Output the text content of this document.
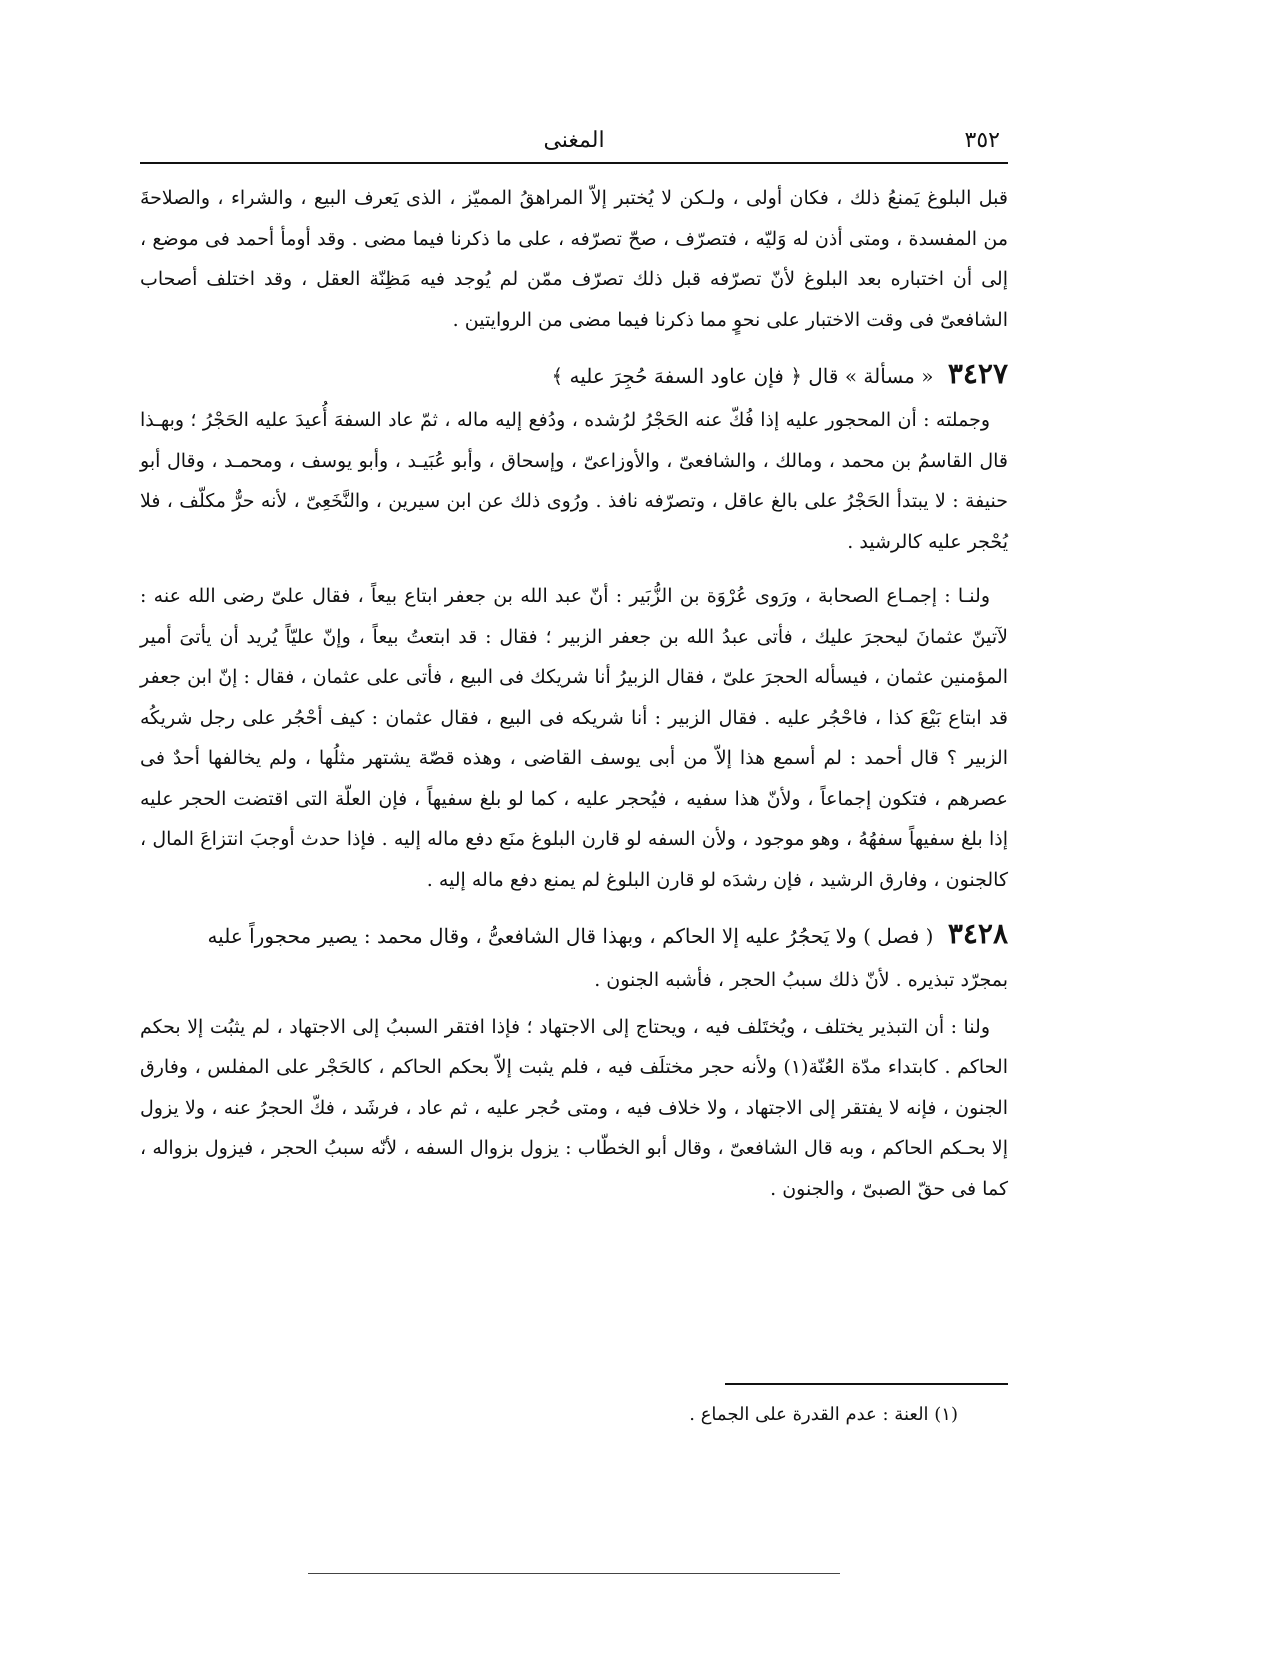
٣٥٢
المغنى

قبل البلوغ يَمنعُ ذلك ، فكان أولى ، ولـكن لا يُختبر إلاّ المراهقُ المميّز ، الذى يَعرف البيع ، والشراء ، والصلاحةَ من المفسدة ، ومتى أذن له وَليّه ، فتصرّف ، صحّ تصرّفه ، على ما ذكرنا فيما مضى . وقد أومأ أحمد فى موضع ، إلى أن اختباره بعد البلوغ لأنّ تصرّفه قبل ذلك تصرّف ممّن لم يُوجد فيه مَظِنّة العقل ، وقد اختلف أصحاب الشافعىّ فى وقت الاختبار على نحوٍ مما ذكرنا فيما مضى من الروايتين .

٣٤٢٧ « مسألة » قال ﴿ فإن عاود السفهَ حُجِرَ عليه ﴾

وجملته : أن المحجور عليه إذا فُكّ عنه الحَجْرُ لرُشده ، ودُفع إليه ماله ، ثمّ عاد السفهَ أُعيدَ عليه الحَجْرُ ؛ وبهـذا قال القاسمُ بن محمد ، ومالك ، والشافعىّ ، والأوزاعىّ ، وإسحاق ، وأبو عُبَيـد ، وأبو يوسف ، ومحمـد ، وقال أبو حنيفة : لا يبتدأ الحَجْرُ على بالغ عاقل ، وتصرّفه نافذ . ورُوى ذلك عن ابن سيرين ، والنَّخَعِىّ ، لأنه حرٌّ مكلّف ، فلا يُحْجر عليه كالرشيد .

ولنـا : إجمـاع الصحابة ، ورَوى عُرْوَة بن الزُّبَير : أنّ عبد الله بن جعفر ابتاع بيعاً ، فقال علىّ رضى الله عنه : لآتينّ عثمانَ ليحجرَ عليك ، فأتى عبدُ الله بن جعفر الزبير ؛ فقال : قد ابتعتُ بيعاً ، وإنّ عليّاً يُريد أن يأتىَ أمير المؤمنين عثمان ، فيسأله الحجرَ علىّ ، فقال الزبيرُ أنا شريكك فى البيع ، فأتى على عثمان ، فقال : إنّ ابن جعفر قد ابتاع بَيْعَ كذا ، فاحْجُر عليه . فقال الزبير : أنا شريكه فى البيع ، فقال عثمان : كيف أحْجُر على رجل شريكُه الزبير ؟ قال أحمد : لم أسمع هذا إلاّ من أبى يوسف القاضى ، وهذه قصّة يشتهر مثلُها ، ولم يخالفها أحدٌ فى عصرهم ، فتكون إجماعاً ، ولأنّ هذا سفيه ، فيُحجر عليه ، كما لو بلغ سفيهاً ، فإن العلّة التى اقتضت الحجر عليه إذا بلغ سفيهاً سفهُهُ ، وهو موجود ، ولأن السفه لو قارن البلوغ منَع دفع ماله إليه . فإذا حدث أوجبَ انتزاعَ المال ، كالجنون ، وفارق الرشيد ، فإن رشدَه لو قارن البلوغ لم يمنع دفع ماله إليه .

٣٤٢٨ ( فصل ) ولا يَحجُرُ عليه إلا الحاكم ، وبهذا قال الشافعىُّ ، وقال محمد : يصير محجوراً عليه

بمجرّد تبذيره . لأنّ ذلك سببُ الحجر ، فأشبه الجنون .

ولنا : أن التبذير يختلف ، ويُختَلف فيه ، ويحتاج إلى الاجتهاد ؛ فإذا افتقر السببُ إلى الاجتهاد ، لم يثبُت إلا بحكم الحاكم . كابتداء مدّة العُنّة(١) ولأنه حجر مختلَف فيه ، فلم يثبت إلاّ بحكم الحاكم ، كالحَجْر على المفلس ، وفارق الجنون ، فإنه لا يفتقر إلى الاجتهاد ، ولا خلاف فيه ، ومتى حُجر عليه ، ثم عاد ، فرشَد ، فكّ الحجرُ عنه ، ولا يزول إلا بحـكم الحاكم ، وبه قال الشافعىّ ، وقال أبو الخطّاب : يزول بزوال السفه ، لأنّه سببُ الحجر ، فيزول بزواله ، كما فى حقّ الصبىّ ، والجنون .

(١) العنة : عدم القدرة على الجماع .
